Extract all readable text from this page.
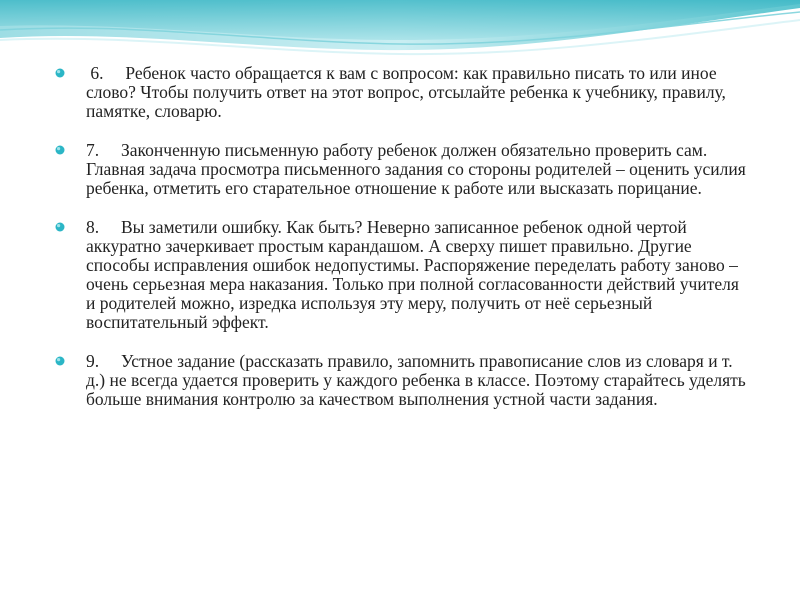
6.     Ребенок часто обращается к вам с вопросом: как правильно писать то или иное слово? Чтобы получить ответ на этот вопрос, отсылайте ребенка к учебнику, правилу, памятке, словарю.
7.     Законченную письменную работу ребенок должен обязательно проверить сам. Главная задача просмотра письменного задания со стороны родителей – оценить усилия ребенка, отметить его старательное отношение к работе или высказать порицание.
8.     Вы заметили ошибку. Как быть? Неверно записанное ребенок одной чертой аккуратно зачеркивает простым карандашом. А сверху пишет правильно. Другие способы исправления ошибок недопустимы. Распоряжение переделать работу заново – очень серьезная мера наказания. Только при полной согласованности действий учителя и родителей можно, изредка используя эту меру, получить от неё серьезный воспитательный эффект.
9.     Устное задание (рассказать правило, запомнить правописание слов из словаря и т.  д.) не всегда удается проверить у каждого ребенка в классе. Поэтому старайтесь уделять больше внимания контролю за качеством выполнения устной части задания.
